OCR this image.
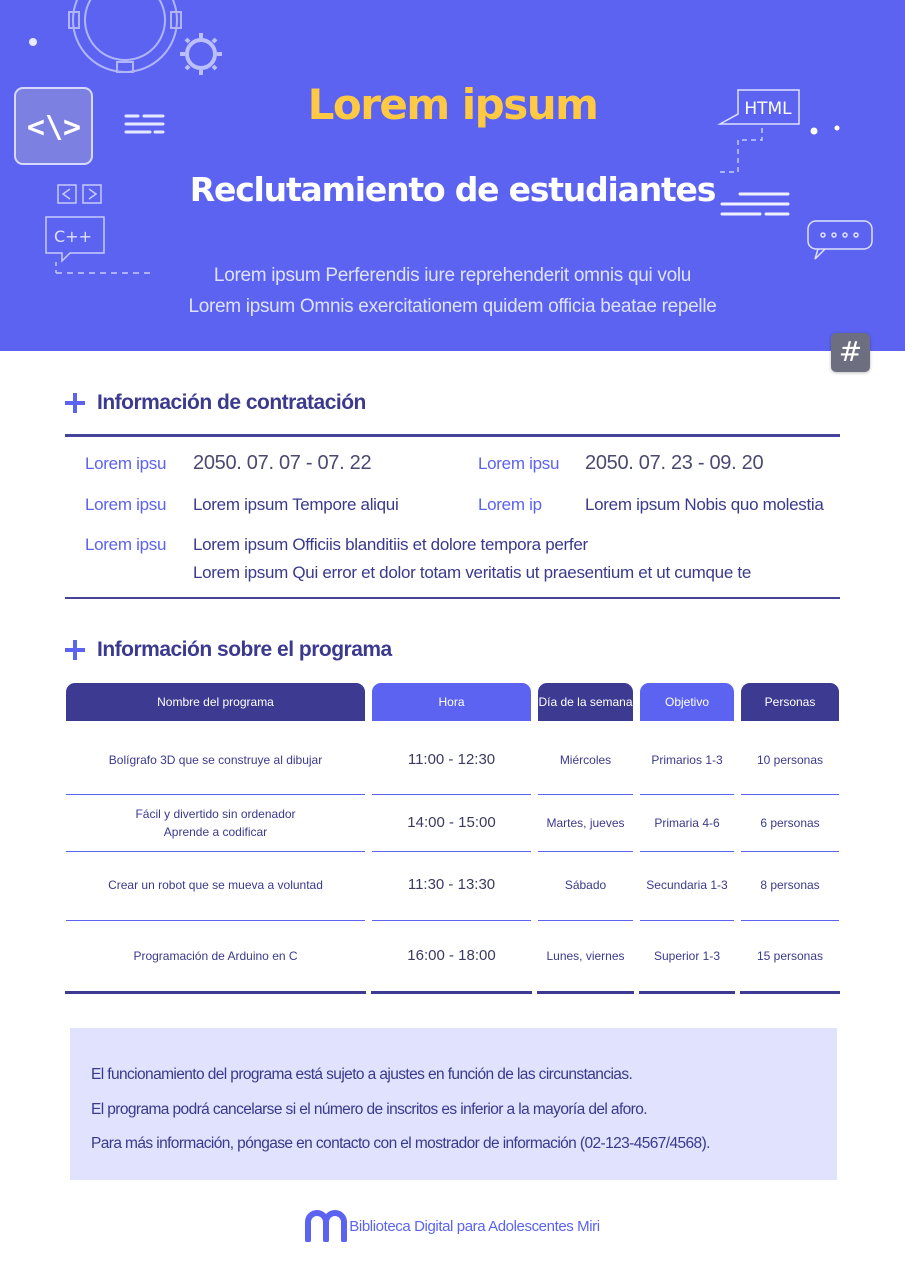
<\>
C++
HTML
Lorem ipsum
Reclutamiento de estudiantes
Lorem ipsum Perferendis iure reprehenderit omnis qui volu
Lorem ipsum Omnis exercitationem quidem officia beatae repelle
#
Información de contratación
Lorem ipsu 2050. 07. 07 - 07. 22	Lorem ipsu 2050. 07. 23 - 09. 20
Lorem ipsu Lorem ipsum Tempore aliqui	Lorem ip	Lorem ipsum Nobis quo molestia
Lorem ipsu Lorem ipsum Officiis blanditiis et dolore tempora perfer
Lorem ipsum Qui error et dolor totam veritatis ut praesentium et ut cumque te
Información sobre el programa
Nombre del programa	Hora	Día de la semana	Objetivo	Personas
Bolígrafo 3D que se construye al dibujar	11:00 - 12:30	Miércoles	Primarios 1-3	10 personas
Fácil y divertido sin ordenador
Aprende a codificar
14:00 - 15:00	Martes, jueves	Primaria 4-6	6 personas
Crear un robot que se mueva a voluntad	11:30 - 13:30	Sábado	Secundaria 1-3	8 personas
Programación de Arduino en C	16:00 - 18:00	Lunes, viernes	Superior 1-3	15 personas
El funcionamiento del programa está sujeto a ajustes en función de las circunstancias.
El programa podrá cancelarse si el número de inscritos es inferior a la mayoría del aforo.
Para más información, póngase en contacto con el mostrador de información (02-123-4567/4568).
Biblioteca Digital para Adolescentes Miri
